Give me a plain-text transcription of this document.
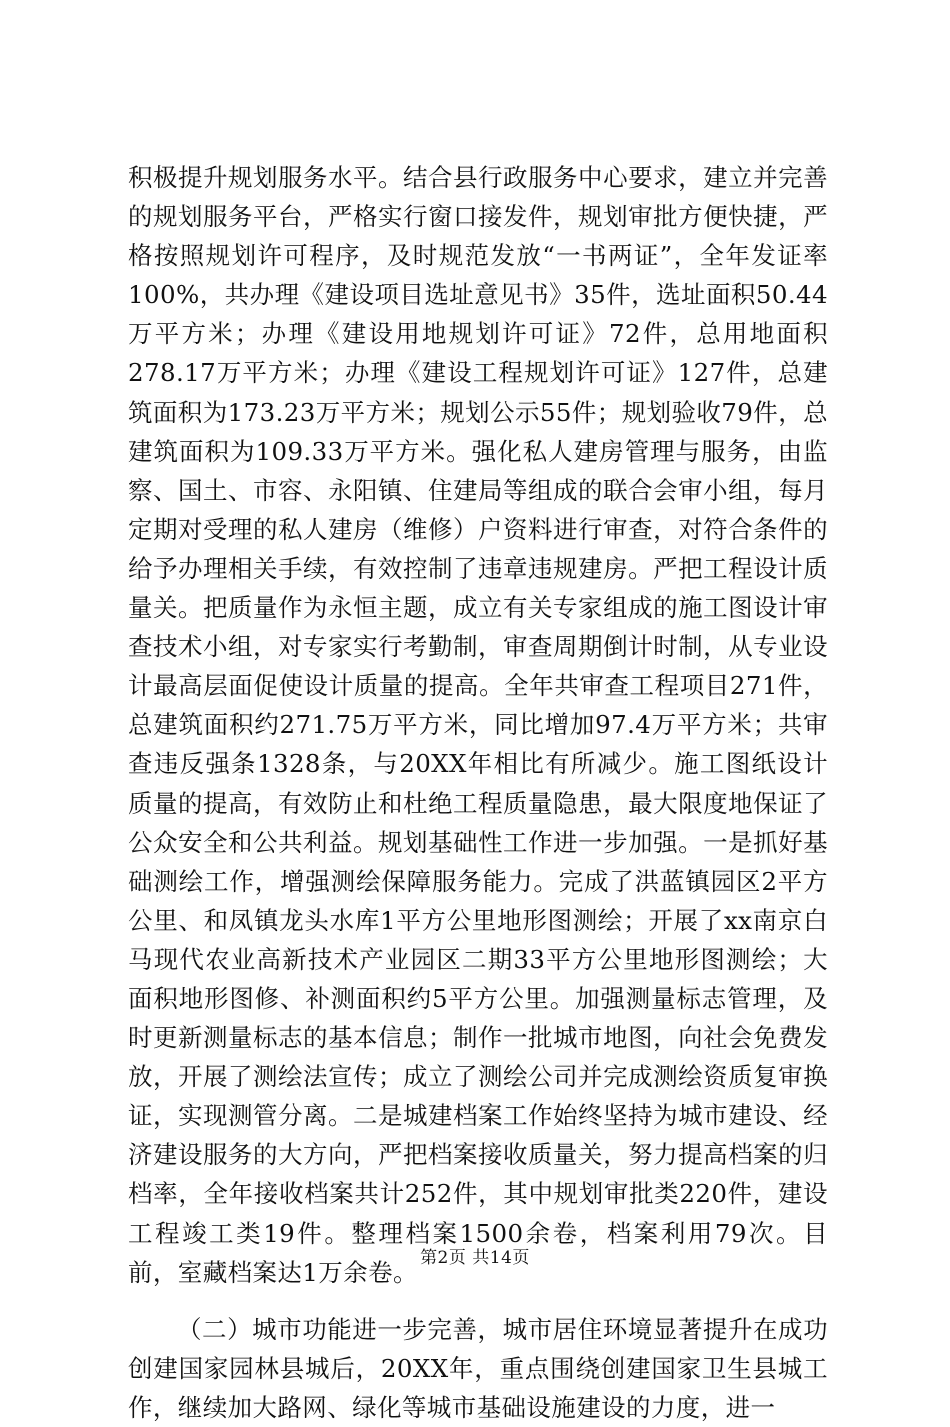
积极提升规划服务水平。结合县行政服务中心要求，建立并完善的规划服务平台，严格实行窗口接发件，规划审批方便快捷，严格按照规划许可程序，及时规范发放“一书两证”，全年发证率100%，共办理《建设项目选址意见书》35件，选址面积50.44万平方米；办理《建设用地规划许可证》72件，总用地面积278.17万平方米；办理《建设工程规划许可证》127件，总建筑面积为173.23万平方米；规划公示55件；规划验收79件，总建筑面积为109.33万平方米。强化私人建房管理与服务，由监察、国土、市容、永阳镇、住建局等组成的联合会审小组，每月定期对受理的私人建房（维修）户资料进行审查，对符合条件的给予办理相关手续，有效控制了违章违规建房。严把工程设计质量关。把质量作为永恒主题，成立有关专家组成的施工图设计审查技术小组，对专家实行考勤制，审查周期倒计时制，从专业设计最高层面促使设计质量的提高。全年共审查工程项目271件，总建筑面积约271.75万平方米，同比增加97.4万平方米；共审查违反强条1328条，与20XX年相比有所减少。施工图纸设计质量的提高，有效防止和杜绝工程质量隐患，最大限度地保证了公众安全和公共利益。规划基础性工作进一步加强。一是抓好基础测绘工作，增强测绘保障服务能力。完成了洪蓝镇园区2平方公里、和凤镇龙头水库1平方公里地形图测绘；开展了xx南京白马现代农业高新技术产业园区二期33平方公里地形图测绘；大面积地形图修、补测面积约5平方公里。加强测量标志管理，及时更新测量标志的基本信息；制作一批城市地图，向社会免费发放，开展了测绘法宣传；成立了测绘公司并完成测绘资质复审换证，实现测管分离。二是城建档案工作始终坚持为城市建设、经济建设服务的大方向，严把档案接收质量关，努力提高档案的归档率，全年接收档案共计252件，其中规划审批类220件，建设工程竣工类19件。整理档案1500余卷，档案利用79次。目前，室藏档案达1万余卷。

（二）城市功能进一步完善，城市居住环境显著提升在成功创建国家园林县城后，20XX年，重点围绕创建国家卫生县城工作，继续加大路网、绿化等城市基础设施建设的力度，进一

第2页 共14页
